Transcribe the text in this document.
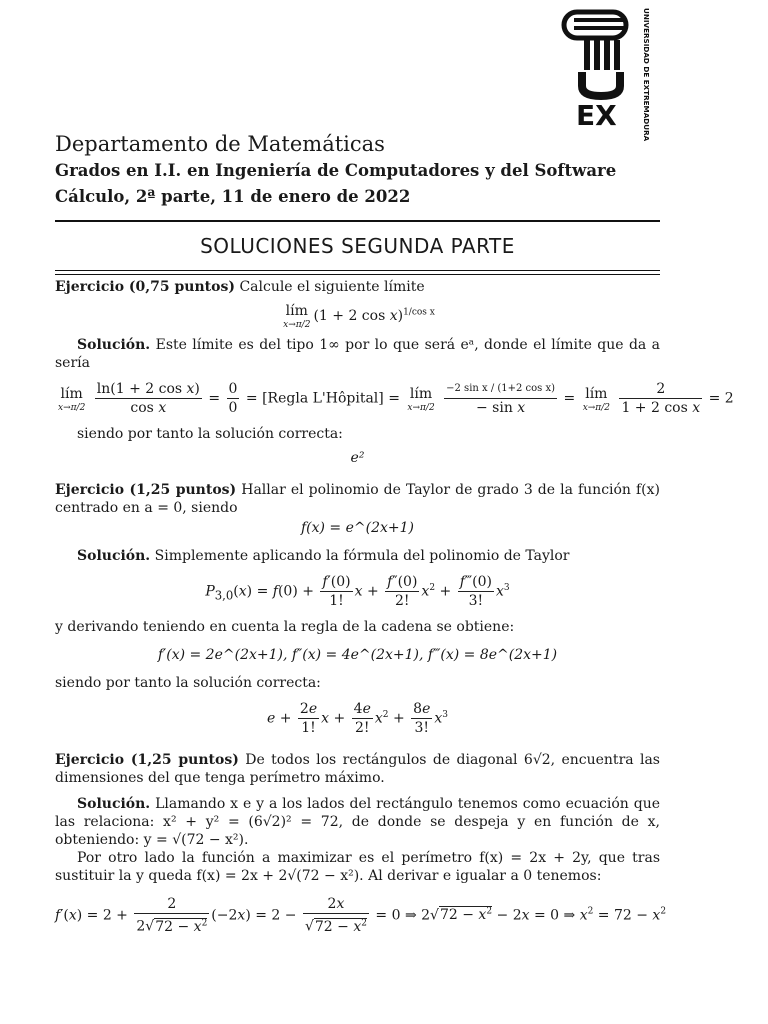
EX	UNIVERSIDAD DE EXTREMADURA
Departamento de Matemáticas
Grados en I.I. en Ingeniería de Computadores y del Software
Cálculo, 2ª parte, 11 de enero de 2022
SOLUCIONES SEGUNDA PARTE

Ejercicio (0,75 puntos) Calcule el siguiente límite

lím
x→π/2
(1 + 2 cos x)$^{1/cos x}$

Solución. Este límite es del tipo 1∞ por lo que será eᵃ, donde el límite que da a sería

lím
x→π/2
$\frac{\text{ln(1 + 2 cos x)}}{\text{cos x}} = \frac{0}{0}$ = [Regla L'Hôpital] = lím
x→π/2

−2 sin x / (1+2 cos x)
− sin x
= lím
x→π/2
$\frac{2}{\text{1 + 2 cos x}} = 2$

siendo por tanto la solución correcta:

e²

Ejercicio (1,25 puntos) Hallar el polinomio de Taylor de grado 3 de la función f(x) centrado en a = 0, siendo

f(x) = e^(2x+1)

Solución. Simplemente aplicando la fórmula del polinomio de Taylor

$P_{3,0}(x) = f(0) + \frac{f'(0)}{1!}$ $x + \frac{f''(0)}{2!} x^2 + \frac{f‴(0)}{3!} x^3$

y derivando teniendo en cuenta la regla de la cadena se obtiene:

f′(x) = 2e^(2x+1), f″(x) = 4e^(2x+1), f‴(x) = 8e^(2x+1)

siendo por tanto la solución correcta:

$e + \frac{2e}{1!}$ $x + \frac{4e}{2!} x^2 + \frac{8e}{3!} x^3$

Ejercicio (1,25 puntos) De todos los rectángulos de diagonal 6√2, encuentra las dimensiones del que tenga perímetro máximo.

Solución. Llamando x e y a los lados del rectángulo tenemos como ecuación que las relaciona: x² + y² = (6√2)² = 72, de donde se despeja y en función de x, obteniendo: y = √(72 − x²).

Por otro lado la función a maximizar es el perímetro f(x) = 2x + 2y, que tras sustituir la y queda f(x) = 2x + 2√(72 − x²). Al derivar e igualar a 0 tenemos:

$f'(x) = 2 + \frac{2}{2√72 - x^2} (-2x) = 2 - \frac{2x}{√72 - x^2} = 0$ ⇒ $2√72 - x^2 - 2x = 0$ ⇒ $x^2 = 72 - x^2$
